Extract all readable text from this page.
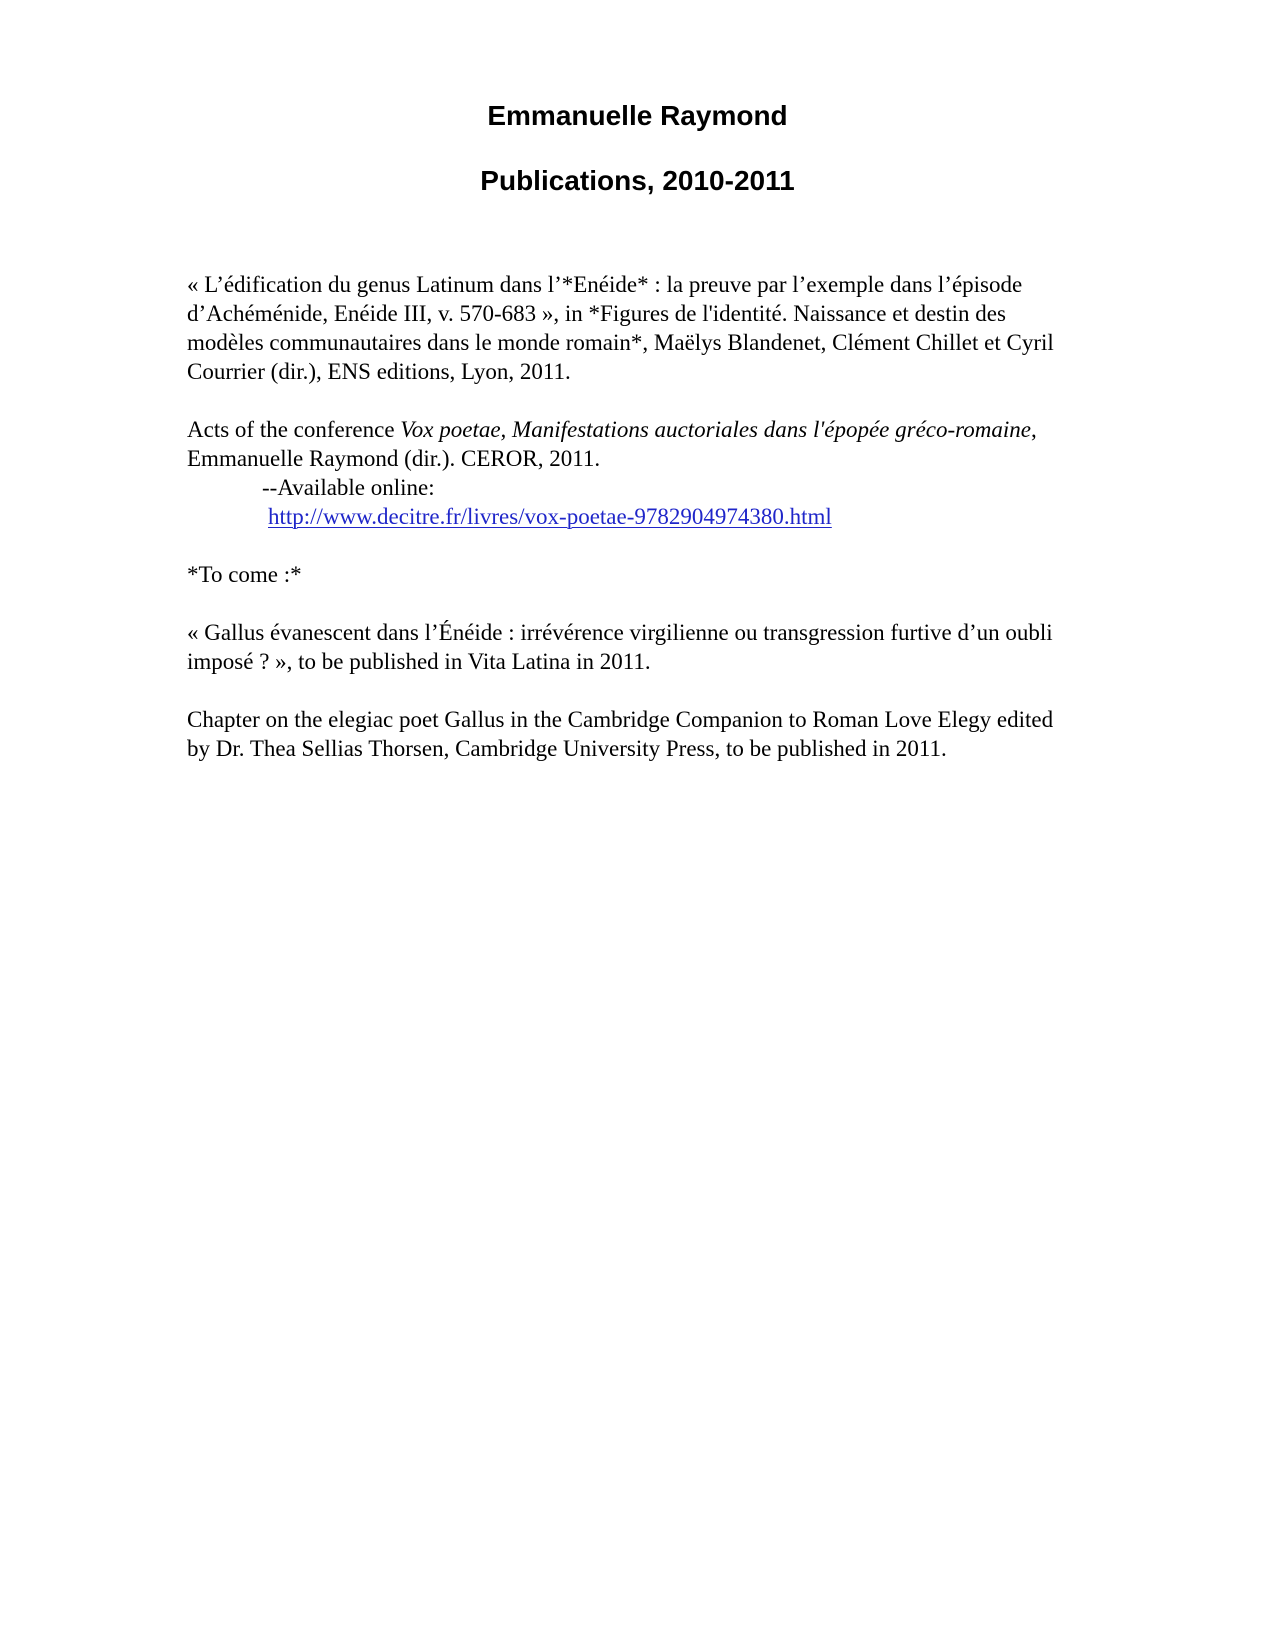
Emmanuelle Raymond
Publications, 2010-2011

« L’édification du genus Latinum dans l’*Enéide* : la preuve par l’exemple dans l’épisode d’Achéménide, Enéide III, v. 570-683 », in *Figures de l'identité. Naissance et destin des modèles communautaires dans le monde romain*, Maëlys Blandenet, Clément Chillet et Cyril Courrier (dir.), ENS editions, Lyon, 2011.

Acts of the conference Vox poetae, Manifestations auctoriales dans l'épopée gréco-romaine, Emmanuelle Raymond (dir.). CEROR, 2011.
--Available online:
http://www.decitre.fr/livres/vox-poetae-9782904974380.html

*To come :*

« Gallus évanescent dans l’Énéide : irrévérence virgilienne ou transgression furtive d’un oubli imposé ? », to be published in Vita Latina in 2011.

Chapter on the elegiac poet Gallus in the Cambridge Companion to Roman Love Elegy edited by Dr. Thea Sellias Thorsen, Cambridge University Press, to be published in 2011.
